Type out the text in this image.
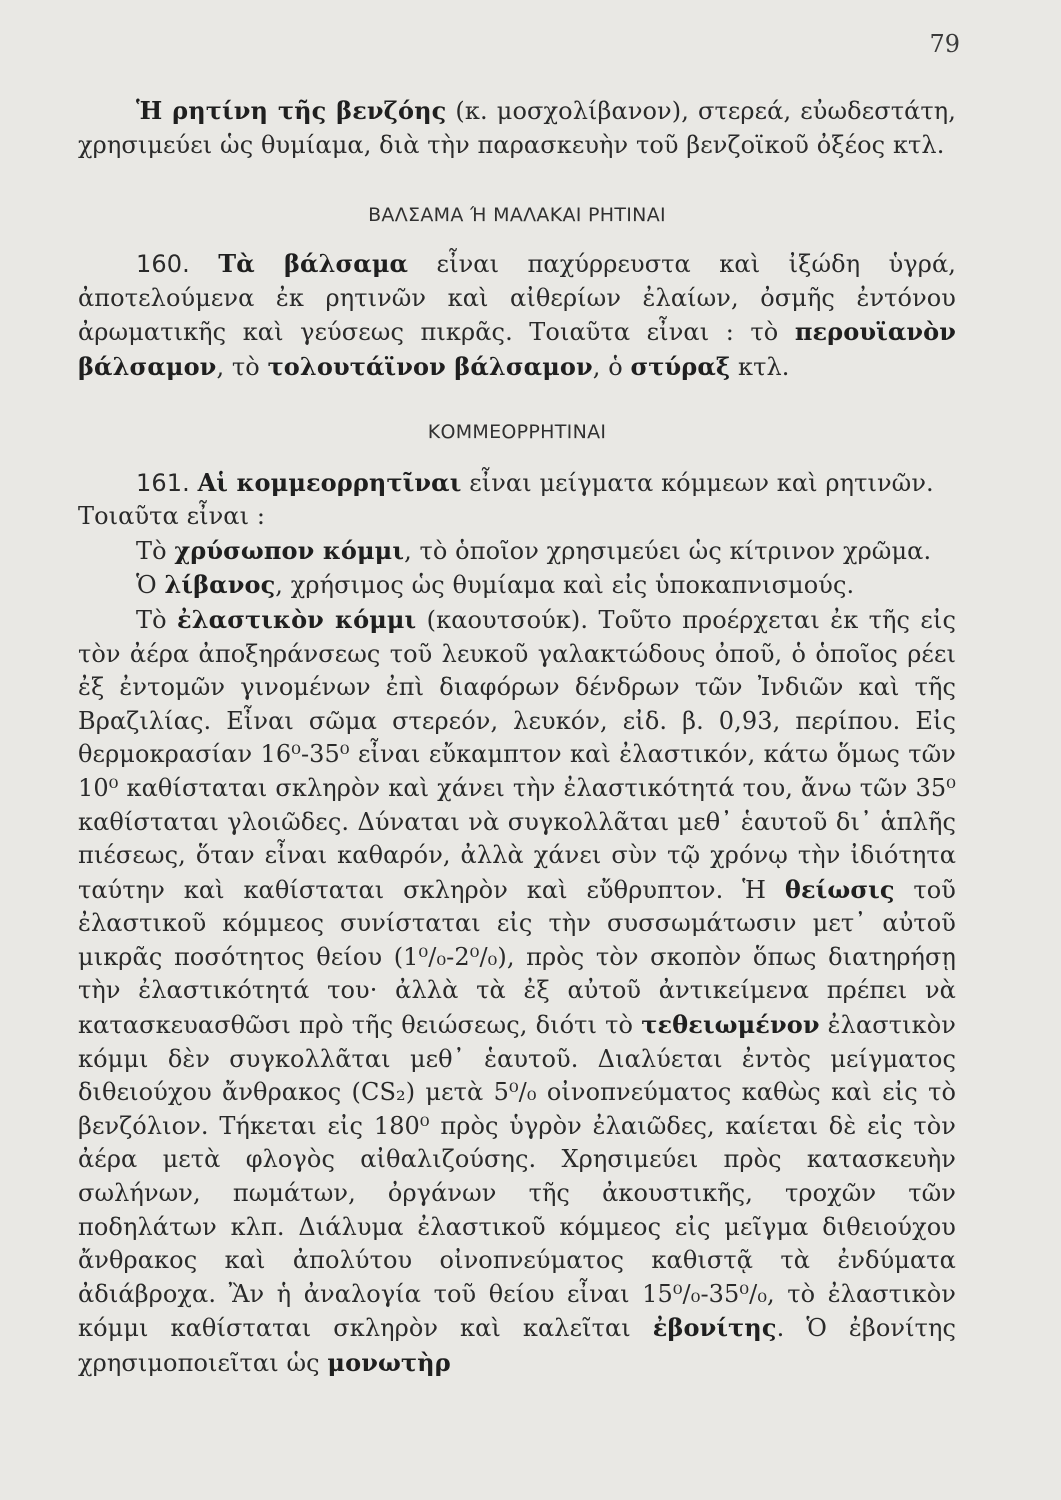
79

Ἡ ρητίνη τῆς βενζόης (κ. μοσχολίβανον), στερεά, εὐωδεστάτη, χρησιμεύει ὡς θυμίαμα, διὰ τὴν παρασκευὴν τοῦ βενζοϊκοῦ ὀξέος κτλ.

ΒΑΛΣΑΜΑ Ή ΜΑΛΑΚΑΙ ΡΗΤΙΝΑΙ

160. Τὰ βάλσαμα εἶναι παχύρρευστα καὶ ἰξώδη ὑγρά, ἀποτελούμενα ἐκ ρητινῶν καὶ αἰθερίων ἐλαίων, ὀσμῆς ἐντόνου ἀρωματικῆς καὶ γεύσεως πικρᾶς. Τοιαῦτα εἶναι : τὸ περουϊανὸν βάλσαμον, τὸ τολουτάϊνον βάλσαμον, ὁ στύραξ κτλ.

ΚΟΜΜΕΟΡΡΗΤΙΝΑΙ

161. Αἱ κομμεορρητῖναι εἶναι μείγματα κόμμεων καὶ ρητινῶν.

Τοιαῦτα εἶναι :

Τὸ χρύσωπον κόμμι, τὸ ὁποῖον χρησιμεύει ὡς κίτρινον χρῶμα.

Ὁ λίβανος, χρήσιμος ὡς θυμίαμα καὶ εἰς ὑποκαπνισμούς.

Τὸ ἐλαστικὸν κόμμι (καουτσούκ). Τοῦτο προέρχεται ἐκ τῆς εἰς τὸν ἀέρα ἀποξηράνσεως τοῦ λευκοῦ γαλακτώδους ὀποῦ, ὁ ὁποῖος ρέει ἐξ ἐντομῶν γινομένων ἐπὶ διαφόρων δένδρων τῶν Ἰνδιῶν καὶ τῆς Βραζιλίας. Εἶναι σῶμα στερεόν, λευκόν, εἰδ. β. 0,93, περίπου. Εἰς θερμοκρασίαν 16⁰-35⁰ εἶναι εὔκαμπτον καὶ ἐλαστικόν, κάτω ὅμως τῶν 10⁰ καθίσταται σκληρὸν καὶ χάνει τὴν ἐλαστικότητά του, ἄνω τῶν 35⁰ καθίσταται γλοιῶδες. Δύναται νὰ συγκολλᾶται μεθ᾽ ἑαυτοῦ δι᾽ ἁπλῆς πιέσεως, ὅταν εἶναι καθαρόν, ἀλλὰ χάνει σὺν τῷ χρόνῳ τὴν ἰδιότητα ταύτην καὶ καθίσταται σκληρὸν καὶ εὔθρυπτον. Ἡ θείωσις τοῦ ἐλαστικοῦ κόμμεος συνίσταται εἰς τὴν συσσωμάτωσιν μετ᾽ αὐτοῦ μικρᾶς ποσότητος θείου (1⁰/₀-2⁰/₀), πρὸς τὸν σκοπὸν ὅπως διατηρήσῃ τὴν ἐλαστικότητά του· ἀλλὰ τὰ ἐξ αὐτοῦ ἀντικείμενα πρέπει νὰ κατασκευασθῶσι πρὸ τῆς θειώσεως, διότι τὸ τεθειωμένον ἐλαστικὸν κόμμι δὲν συγκολλᾶται μεθ᾽ ἑαυτοῦ. Διαλύεται ἐντὸς μείγματος διθειούχου ἄνθρακος (CS₂) μετὰ 5⁰/₀ οἰνοπνεύματος καθὼς καὶ εἰς τὸ βενζόλιον. Τήκεται εἰς 180⁰ πρὸς ὑγρὸν ἐλαιῶδες, καίεται δὲ εἰς τὸν ἀέρα μετὰ φλογὸς αἰθαλιζούσης. Χρησιμεύει πρὸς κατασκευὴν σωλήνων, πωμάτων, ὀργάνων τῆς ἀκουστικῆς, τροχῶν τῶν ποδηλάτων κλπ. Διάλυμα ἐλαστικοῦ κόμμεος εἰς μεῖγμα διθειούχου ἄνθρακος καὶ ἀπολύτου οἰνοπνεύματος καθιστᾷ τὰ ἐνδύματα ἀδιάβροχα. Ἂν ἡ ἀναλογία τοῦ θείου εἶναι 15⁰/₀-35⁰/₀, τὸ ἐλαστικὸν κόμμι καθίσταται σκληρὸν καὶ καλεῖται ἐβονίτης. Ὁ ἐβονίτης χρησιμοποιεῖται ὡς μονωτὴρ
